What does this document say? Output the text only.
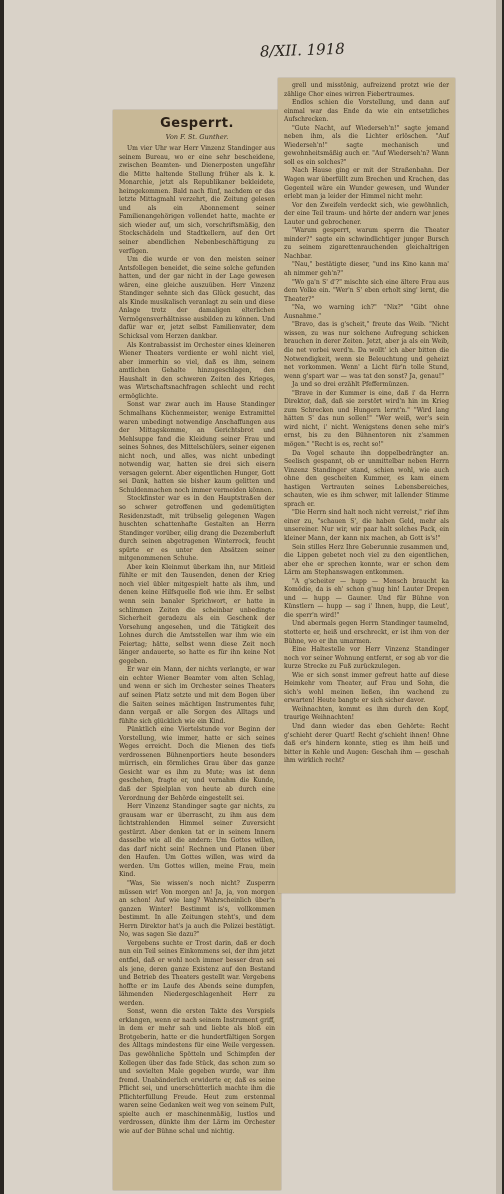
8/XII. 1918
Gesperrt.
Von F. St. Gunther.

Um vier Uhr war Herr Vinzenz Standinger aus seinem Bureau, wo er eine sehr bescheidene, zwischen Beamten- und Dienerposten ungefähr die Mitte haltende Stellung früher als k. k. Monarchie, jetzt als Republikaner bekleidete, heimgekommen. Bald nach fünf, nachdem er das letzte Mittagmahl verzehrt, die Zeitung gelesen und als ein Abonnement seiner Familienangehörigen vollendet hatte, machte er sich wieder auf, um sich, vorschriftsmäßig, den Stockschädeln und Stadtkellern, auf den Ort seiner abendlichen Nebenbeschäftigung zu verfügen.

Um die wurde er von den meisten seiner Antsfollegen beneidet, die seine solche gefunden hatten, und der gar nicht in der Lage gewesen wären, eine gleiche auszuüben. Herr Vinzenz Standinger sehnte sich das Glück gesucht, das als Kinde musikalisch veranlagt zu sein und diese Anlage trotz der damaligen elterlichen Vermögensverhältnisse ausbilden zu können. Und dafür war er, jetzt selbst Familienvater, dem Schicksal vom Herzen dankbar.

Als Kontrabassist im Orchester eines kleineren Wiener Theaters verdiente er wohl nicht viel, aber immerhin so viel, daß es ihm, seinem amtlichen Gehalte hinzugeschlagen, den Haushalt in den schweren Zeiten des Krieges, was Wirtschaftsnachfragen schlecht und recht ermöglichte.

Sonst war zwar auch im Hause Standinger Schmalhans Küchenmeister, wenige Extramittel waren unbedingt notwendige Anschaffungen aus der Mittagskomme, an Gerichtsbrot und Mehlsuppe fand die Kleidung seiner Frau und seines Sohnes, des Mittelschülers, seiner eigenen nicht noch, und alles, was nicht unbedingt notwendig war, hatten sie drei sich eisern versagen gelernt. Aber eigentlichen Hunger, Gott sei Dank, hatten sie bisher kaum gelitten und Schuldenmachen noch immer vermeiden können.

Stockfinster war es in den Hauptstraßen der so schwer getroffenen und gedemütigten Residenzstadt, mit trübselig gelegenen Wagen huschten schattenhafte Gestalten an Herrn Standinger vorüber, eilig drang die Dezemberluft durch seinen abgetragenen Winterrock, feucht spürte er es unter den Absätzen seiner mitgenommenen Schuhe.

Aber kein Kleinmut überkam ihn, nur Mitleid fühlte er mit den Tausenden, denen der Krieg noch viel übler mitgespielt hatte als ihm, und denen keine Hilfsquelle floß wie ihm. Er selbst wenn sein banaler Sprichwort, er hatte in schlimmen Zeiten die scheinbar unbedingte Sicherheit geradezu als ein Geschenk der Vorsehung angesehen, und die Tätigkeit des Lohnes durch die Amtsstellen war ihm wie ein Feiertag; hätte, selbst wenn diese Zeit noch länger andauerte, so hatte es für ihn keine Not gegeben.

Er war ein Mann, der nichts verlangte, er war ein echter Wiener Beamter vom alten Schlag, und wenn er sich im Orchester seines Theaters auf seinen Platz setzte und mit dem Bogen über die Saiten seines mächtigen Instrumentes fuhr, dann vergaß er alle Sorgen des Alltags und fühlte sich glücklich wie ein Kind.

Pünktlich eine Viertelstunde vor Beginn der Vorstellung, wie immer, hatte er sich seines Weges erreicht. Doch die Mienen des tiefs verdrossenen Bühnenportiers heute besonders mürrisch, ein förmliches Grau über das ganze Gesicht war es ihm zu Mute; was ist denn geschehen, fragte er, und vernahm die Kunde, daß der Spielplan von heute ab durch eine Verordnung der Behörde eingestellt sei.

Herr Vinzenz Standinger sagte gar nichts, zu grausam war er überrascht, zu ihm aus dem lichtstrahlenden Himmel seiner Zuversicht gestürzt. Aber denken tat er in seinem Innern dasselbe wie all die andern: Um Gottes willen, das darf nicht sein! Rechnen und Planen über den Haufen. Um Gottes willen, was wird da werden. Um Gottes willen, meine Frau, mein Kind.

"Was, Sie wissen's noch nicht? Zusperrn müssen wir! Von morgen an! Ja, ja, von morgen an schon! Auf wie lang? Wahrscheinlich über'n ganzen Winter! Bestimmt is's, vollkommen bestimmt. In alle Zeitungen steht's, und dem Herrn Direktor hat's ja auch die Polizei bestätigt. No, was sagen Sie dazu?"

Vergebens suchte er Trost darin, daß er doch nun ein Teil seines Einkommens sei, der ihm jetzt entfiel, daß er wohl noch immer besser dran sei als jene, deren ganze Existenz auf den Bestand und Betrieb des Theaters gestellt war. Vergebens hoffte er im Laufe des Abends seine dumpfen, lähmenden Niedergeschlagenheit Herr zu werden.

Sonst, wenn die ersten Takte des Vorspiels erklangen, wenn er nach seinem Instrument griff, in dem er mehr sah und liebte als bloß ein Brotgeberin, hatte er die hundertfältigen Sorgen des Alltags mindestens für eine Weile vergessen. Das gewöhnliche Spötteln und Schimpfen der Kollegen über das fade Stück, das schon zum so und sovielten Male gegeben wurde, war ihm fremd. Unabänderlich erwiderte er, daß es seine Pflicht sei, und unerschütterlich machte ihm die Pflichterfüllung Freude. Heut zum erstenmal waren seine Gedanken weit weg von seinem Pult, spielte auch er maschinenmäßig, lustlos und verdrossen, dünkte ihm der Lärm im Orchester wie auf der Bühne schal und nichtig.

grell und misstönig, aufreizend protzt wie der zählige Chor eines wirren Fiebertraumes.

Endlos schien die Vorstellung, und dann auf einmal war das Ende da wie ein entsetzliches Aufschrecken.

"Gute Nacht, auf Wiederseh'n!" sagte jemand neben ihm, als die Lichter erlöschen. "Auf Wiederseh'n!" sagte mechanisch und gewohnheitsmäßig auch er. "Auf Wiederseh'n? Wann soll es ein solches?"

Nach Hause ging er mit der Straßenbahn. Der Wagen war überfüllt zum Brechen und Krachen, das Gegenteil wäre ein Wunder gewesen, und Wunder erlebt man ja leider der Himmel nicht mehr.

Vor den Zweifeln verdeckt sich, wie gewöhnlich, der eine Teil traum- und hörte der andern war jenes Lauter und gebrochener.

"Warum gesperrt, warum sperrn die Theater minder?" sagte ein schwindlichtiger junger Bursch zu seinem zigarettenrauchenden gleichaltrigen Nachbar.

"Nau," bestätigte dieser, "und ins Kino kann ma' ah nimmer geh'n?"

"Wo ga'n S' d'?" mischte sich eine ältere Frau aus dem Volke ein. "Wer'n S' eben erholt sing' lernt, die Theater?"

"Na, wo warning ich?" "Nix?" "Gibt ohne Ausnahme."

"Bravo, das is g'scheit," freute das Weib. "Nicht wissen, zu was nur solchene Aufregung schicken brauchen in derer Zeiten. Jetzt, aber ja als ein Weib, die net vorbei werd'n. Da wollt' ich aber bitten die Notwendigkeit, wenn sie Beleuchtung und geheizt net vorkommen. Wenn' a Licht für'n tolle Stund, wenn g'spart war — was tat den sonst? Ja, genau!"

Ja und so drei erzählt Pfeffermünzen.

"Brave in der Kummer is eine, daß i' da Herrn Direktor, daß, daß sie zerstört wird'n hin im Krieg zum Schrecken und Hungern lernt'n." "Wird lang hätten S' das nun sollen!" "Wer weiß, wer's sein wird nicht, i' nicht. Wenigstens denen sehe mir's ernst, bis zu den Bühnentoren nix z'sammen mögen." "Recht is es, recht so!"

Da Vogel schaute ihn doppelbedrängter an. Seelisch gespannt, ob er unmittelbar neben Herrn Vinzenz Standinger stand, schien wohl, wie auch ohne den gescheiten Kummer, es kam einem hastigen Vertrauten seines Lebensbereiches, schauten, wie es ihm schwer, mit lallender Stimme sprach er.

"Die Herrn sind halt noch nicht verreist," rief ihm einer zu, "schauen S', die haben Geld, mehr als unsereiner. Nur wir, wir paar halt solches Pack, ein kleiner Mann, der kann nix machen, ab Gott is's!"

Sein stilles Herz Ihre Geberunnie zusammen und, die Lippen gebetet noch viel zu den eigentlichen, aber ehe er sprechen konnte, war er schon dem Lärm am Stephanswagen entkommen.

"A g'scheiter — hupp — Mensch braucht ka Komödie, da is eh' schon g'nug hin! Lauter Drepen und — hupp — Gauner. Und für Bühne von Künstlern — hupp — sag i' Ihnen, hupp, die Leut', die sperr'n wird!"

Und abermals gegen Herrn Standinger taumelnd, stotterte er, heiß und erschreckt, er ist ihm von der Bühne, wo er ihn umarmen.

Eine Haltestelle vor Herr Vinzenz Standinger noch vor seiner Wohnung entfernt, er sog ab vor die kurze Strecke zu Fuß zurückzulegen.

Wie er sich sonst immer gefreut hatte auf diese Heimkehr vom Theater, auf Frau und Sohn, die sich's wohl meinen ließen, ihn wachend zu erwarten! Heute bangte er sich sicher davor.

Weihnachten, kommt es ihm durch den Kopf, traurige Weihnachten!

Und dann wieder das eben Gehörte: Recht g'schieht derer Quart! Recht g'schieht ihnen! Ohne daß er's hindern konnte, stieg es ihm heiß und bitter in Kehle und Augen: Geschah ihm — geschah ihm wirklich recht?
